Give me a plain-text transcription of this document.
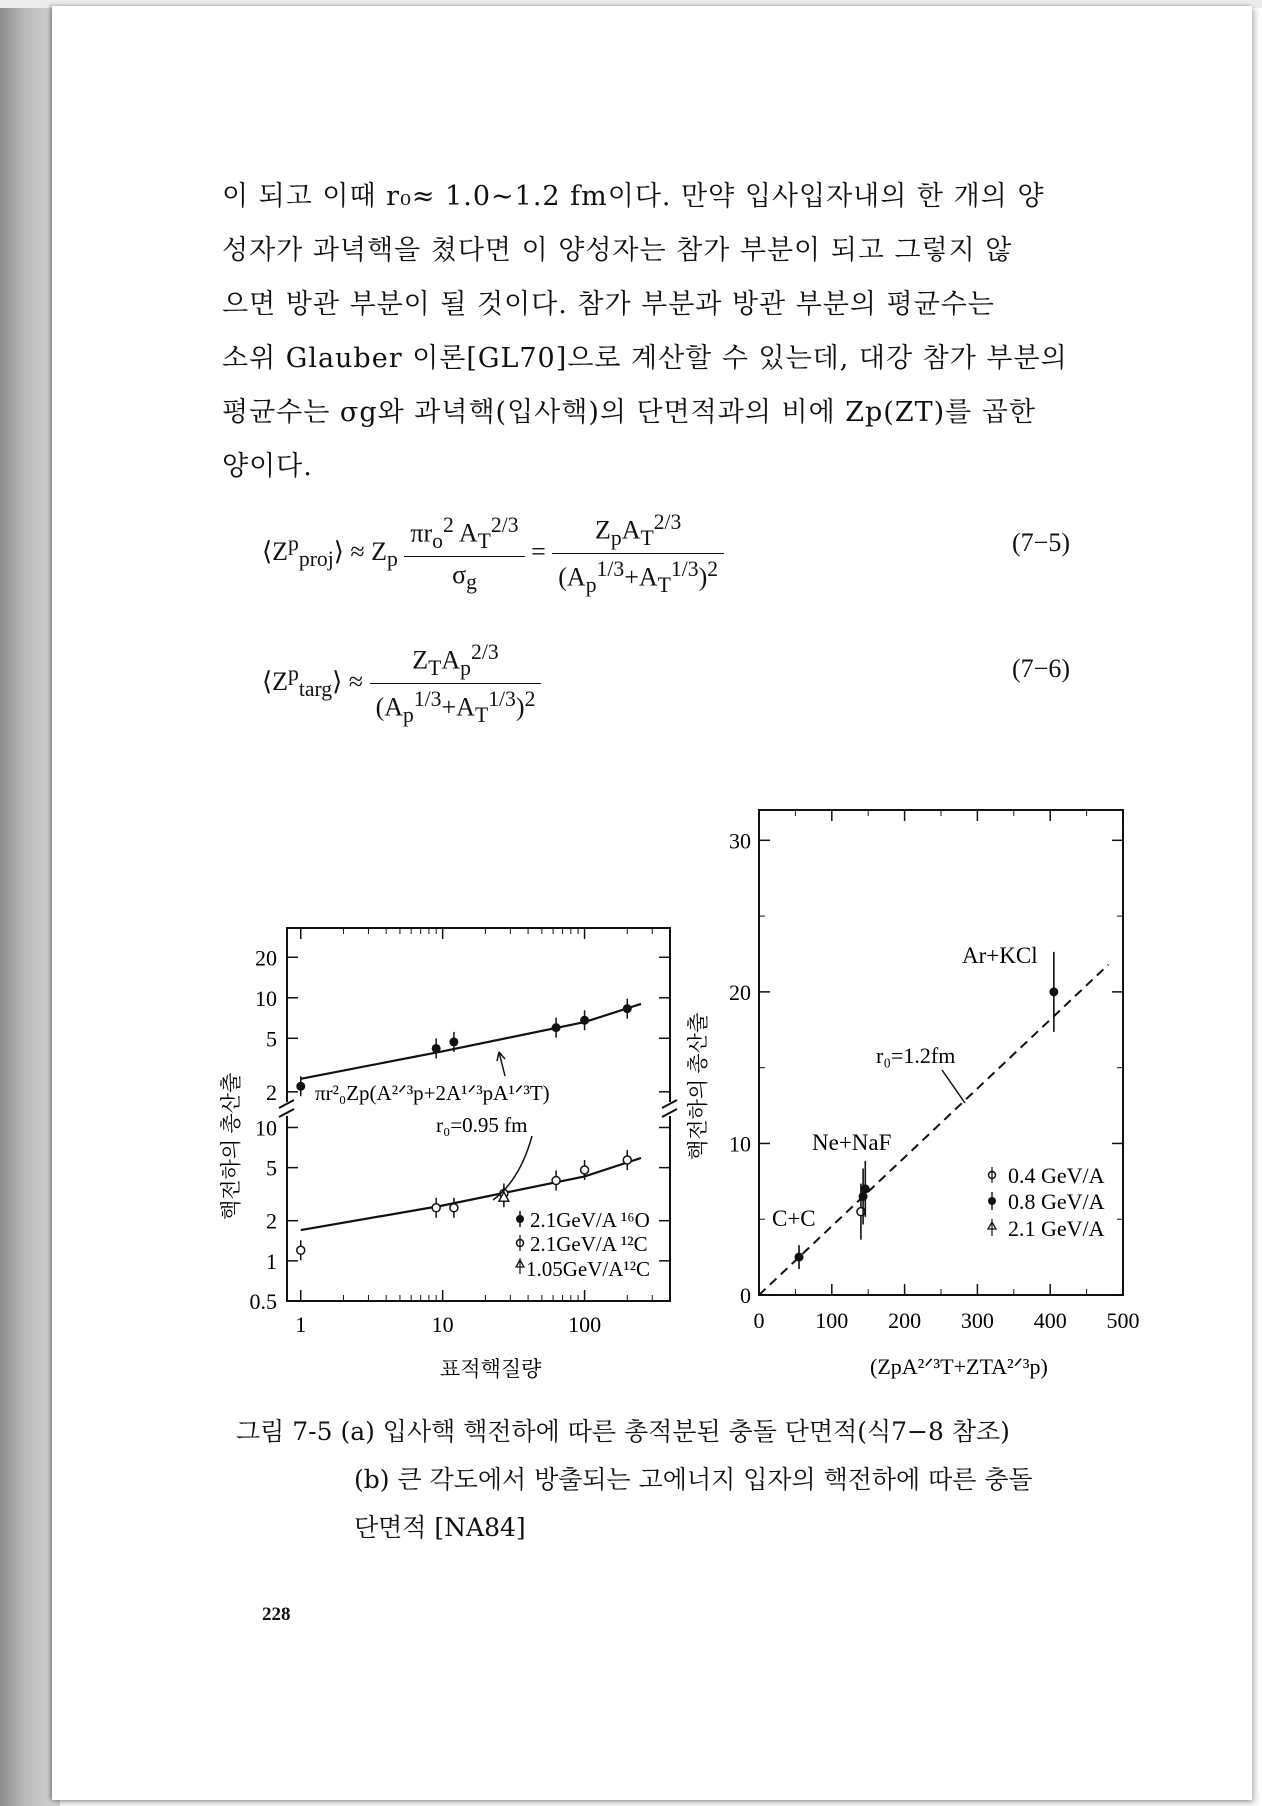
이 되고 이때 r₀≈ 1.0∼1.2 fm이다. 만약 입사입자내의 한 개의 양
성자가 과녁핵을 쳤다면 이 양성자는 참가 부분이 되고 그렇지 않
으면 방관 부분이 될 것이다. 참가 부분과 방관 부분의 평균수는
소위 Glauber 이론[GL70]으로 계산할 수 있는데, 대강 참가 부분의
평균수는 σg와 과녁핵(입사핵)의 단면적과의 비에 Zp(ZT)를 곱한
양이다.
$⟨Z^p_{proj}⟩ \approx Z_p \frac{\pi r_o^2 A_T^{2/3}}{\sigma_g} = \frac{Z_pA_T^{2/3}}{(A_p^{1/3}+A_T^{1/3})^2}$	(7−5)
$⟨Z^p_{targ}⟩ \approx \frac{Z_TA_p^{2/3}}{(A_p^{1/3}+A_T^{1/3})^2}$	(7−6)
1	10	100
20
10
5
2
10
5
2
1
0.5
πr²₀Zp(A²ᐟ³p+2A¹ᐟ³pA¹ᐟ³T)
r₀=0.95 fm
2.1GeV/A ¹⁶O
2.1GeV/A ¹²C
1.05GeV/A¹²C
표적핵질량
핵전하의 총산출
0 100 200 300 400 500
0
10
20
30
Ar+KCl
Ne+NaF
C+C
r₀=1.2fm
0.4 GeV/A
0.8 GeV/A
2.1 GeV/A
(ZpA²ᐟ³T+ZTA²ᐟ³p)
핵전하의 총산출
그림 7-5 (a) 입사핵 핵전하에 따른 총적분된 충돌 단면적(식7−8 참조)
(b) 큰 각도에서 방출되는 고에너지 입자의 핵전하에 따른 충돌
단면적 [NA84]
228
